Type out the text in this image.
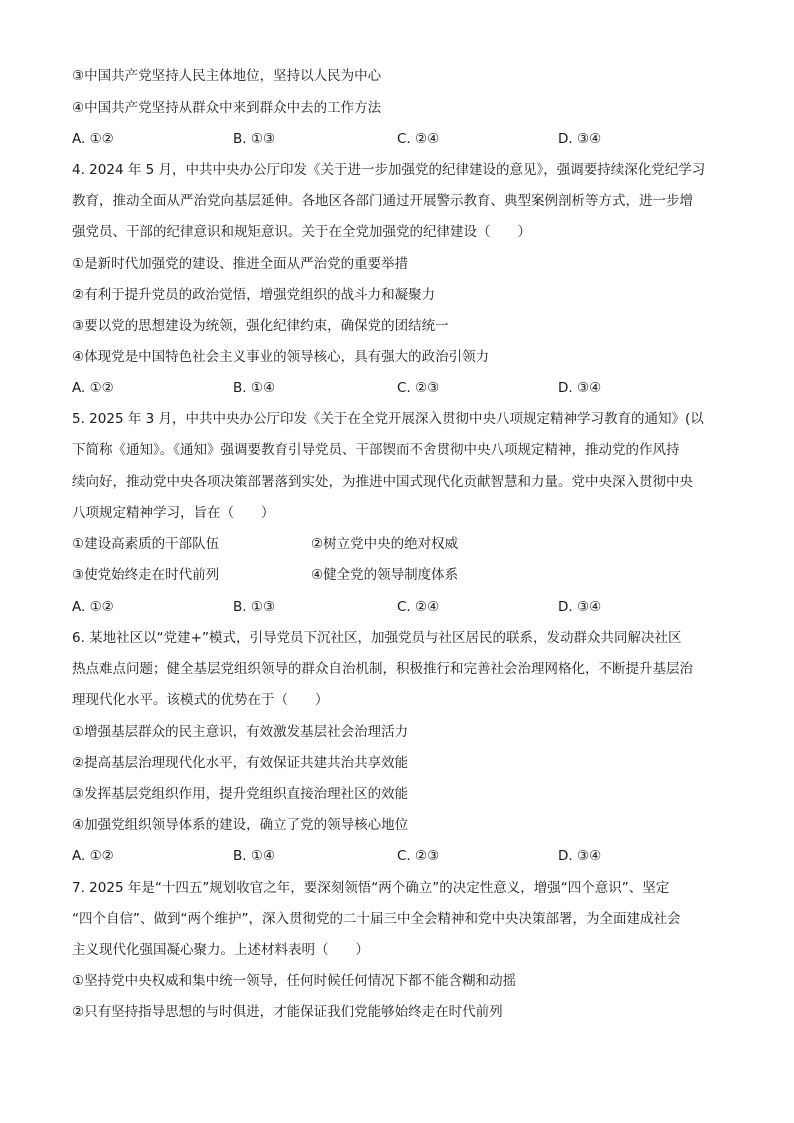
③中国共产党坚持人民主体地位，坚持以人民为中心
④中国共产党坚持从群众中来到群众中去的工作方法
A. ①②	B. ①③	C. ②④	D. ③④
4. 2024 年 5 月，中共中央办公厅印发《关于进一步加强党的纪律建设的意见》，强调要持续深化党纪学习
教育，推动全面从严治党向基层延伸。各地区各部门通过开展警示教育、典型案例剖析等方式，进一步增
强党员、干部的纪律意识和规矩意识。关于在全党加强党的纪律建设（　　）
①是新时代加强党的建设、推进全面从严治党的重要举措
②有利于提升党员的政治觉悟，增强党组织的战斗力和凝聚力
③要以党的思想建设为统领，强化纪律约束，确保党的团结统一
④体现党是中国特色社会主义事业的领导核心，具有强大的政治引领力
A. ①②	B. ①④	C. ②③	D. ③④
5. 2025 年 3 月，中共中央办公厅印发《关于在全党开展深入贯彻中央八项规定精神学习教育的通知》(以
下简称《通知》。《通知》强调要教育引导党员、干部锲而不舍贯彻中央八项规定精神，推动党的作风持
续向好，推动党中央各项决策部署落到实处，为推进中国式现代化贡献智慧和力量。党中央深入贯彻中央
八项规定精神学习，旨在（　　）
①建设高素质的干部队伍	②树立党中央的绝对权威
③使党始终走在时代前列	④健全党的领导制度体系
A. ①②	B. ①③	C. ②④	D. ③④
6. 某地社区以“党建+”模式，引导党员下沉社区，加强党员与社区居民的联系，发动群众共同解决社区
热点难点问题；健全基层党组织领导的群众自治机制，积极推行和完善社会治理网格化，不断提升基层治
理现代化水平。该模式的优势在于（　　）
①增强基层群众的民主意识，有效激发基层社会治理活力
②提高基层治理现代化水平，有效保证共建共治共享效能
③发挥基层党组织作用，提升党组织直接治理社区的效能
④加强党组织领导体系的建设，确立了党的领导核心地位
A. ①②	B. ①④	C. ②③	D. ③④
7. 2025 年是“十四五”规划收官之年，要深刻领悟“两个确立”的决定性意义，增强“四个意识”、坚定
“四个自信”、做到“两个维护”，深入贯彻党的二十届三中全会精神和党中央决策部署，为全面建成社会
主义现代化强国凝心聚力。上述材料表明（　　）
①坚持党中央权威和集中统一领导，任何时候任何情况下都不能含糊和动摇
②只有坚持指导思想的与时俱进，才能保证我们党能够始终走在时代前列
